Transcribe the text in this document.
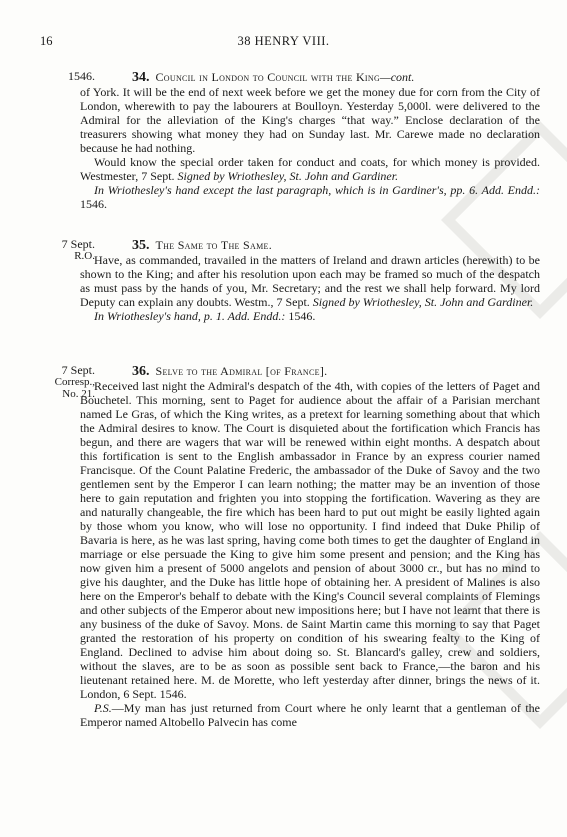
16	38 HENRY VIII.
1546.	34. Council in London to Council with the King—cont.

of York. It will be the end of next week before we get the money due for corn from the City of London, wherewith to pay the labourers at Boulloyn. Yesterday 5,000l. were delivered to the Admiral for the alleviation of the King's charges “that way.” Enclose declaration of the treasurers showing what money they had on Sunday last. Mr. Carewe made no declaration because he had nothing.

Would know the special order taken for conduct and coats, for which money is provided. Westmester, 7 Sept. Signed by Wriothesley, St. John and Gardiner.

In Wriothesley's hand except the last paragraph, which is in Gardiner's, pp. 6. Add. Endd.: 1546.

7 Sept.
R.O.
35. The Same to The Same.

Have, as commanded, travailed in the matters of Ireland and drawn articles (herewith) to be shown to the King; and after his resolution upon each may be framed so much of the despatch as must pass by the hands of you, Mr. Secretary; and the rest we shall help forward. My lord Deputy can explain any doubts. Westm., 7 Sept. Signed by Wriothesley, St. John and Gardiner.

In Wriothesley's hand, p. 1. Add. Endd.: 1546.

7 Sept.
Corresp.,
No. 21.
36. Selve to the Admiral [of France].

Received last night the Admiral's despatch of the 4th, with copies of the letters of Paget and Bouchetel. This morning, sent to Paget for audience about the affair of a Parisian merchant named Le Gras, of which the King writes, as a pretext for learning something about that which the Admiral desires to know. The Court is disquieted about the fortification which Francis has begun, and there are wagers that war will be renewed within eight months. A despatch about this fortification is sent to the English ambassador in France by an express courier named Francisque. Of the Count Palatine Frederic, the ambassador of the Duke of Savoy and the two gentlemen sent by the Emperor I can learn nothing; the matter may be an invention of those here to gain reputation and frighten you into stopping the fortification. Wavering as they are and naturally changeable, the fire which has been hard to put out might be easily lighted again by those whom you know, who will lose no opportunity. I find indeed that Duke Philip of Bavaria is here, as he was last spring, having come both times to get the daughter of England in marriage or else persuade the King to give him some present and pension; and the King has now given him a present of 5000 angelots and pension of about 3000 cr., but has no mind to give his daughter, and the Duke has little hope of obtaining her. A president of Malines is also here on the Emperor's behalf to debate with the King's Council several complaints of Flemings and other subjects of the Emperor about new impositions here; but I have not learnt that there is any business of the duke of Savoy. Mons. de Saint Martin came this morning to say that Paget granted the restoration of his property on condition of his swearing fealty to the King of England. Declined to advise him about doing so. St. Blancard's galley, crew and soldiers, without the slaves, are to be as soon as possible sent back to France,—the baron and his lieutenant retained here. M. de Morette, who left yesterday after dinner, brings the news of it. London, 6 Sept. 1546.

P.S.—My man has just returned from Court where he only learnt that a gentleman of the Emperor named Altobello Palvecin has come
